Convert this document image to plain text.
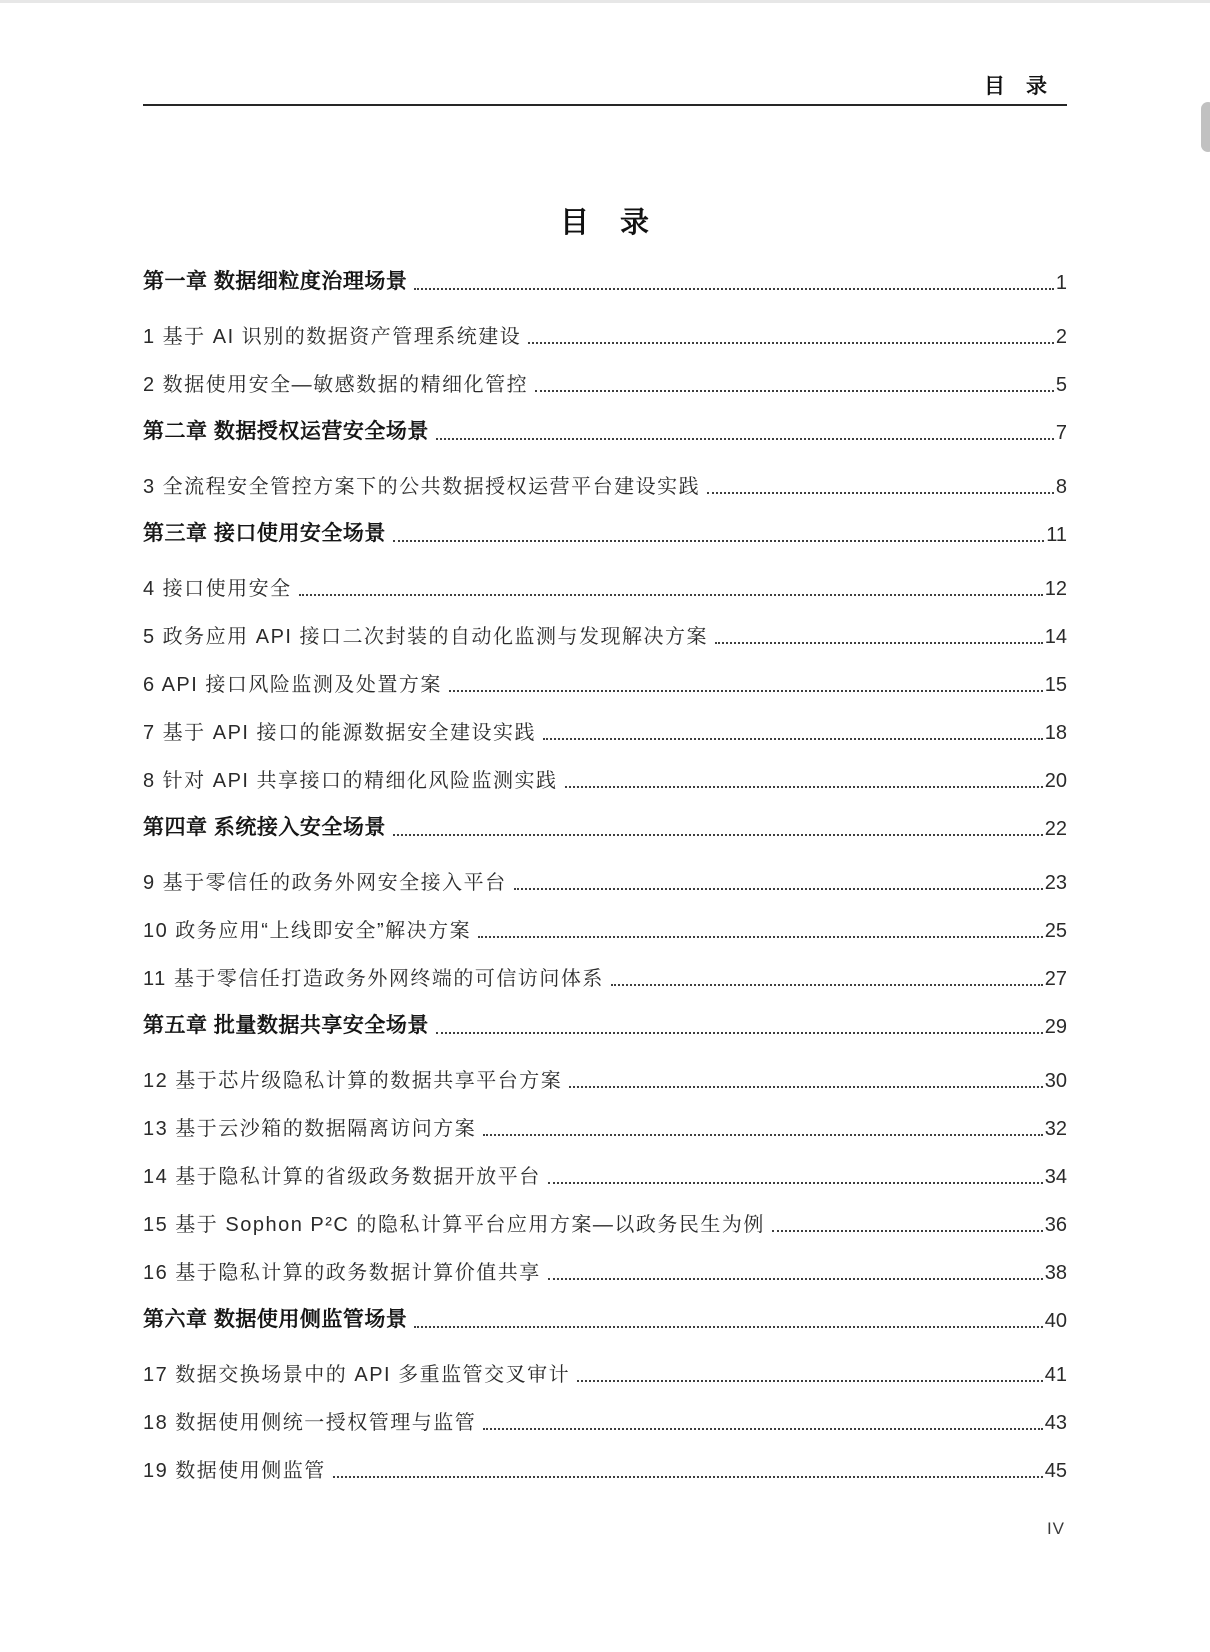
目　录
目　录
第一章 数据细粒度治理场景	1
1 基于 AI 识别的数据资产管理系统建设	2
2 数据使用安全—敏感数据的精细化管控	5
第二章 数据授权运营安全场景	7
3 全流程安全管控方案下的公共数据授权运营平台建设实践	8
第三章 接口使用安全场景	11
4 接口使用安全	12
5 政务应用 API 接口二次封装的自动化监测与发现解决方案	14
6 API 接口风险监测及处置方案	15
7 基于 API 接口的能源数据安全建设实践	18
8 针对 API 共享接口的精细化风险监测实践	20
第四章 系统接入安全场景	22
9 基于零信任的政务外网安全接入平台	23
10 政务应用“上线即安全”解决方案	25
11 基于零信任打造政务外网终端的可信访问体系	27
第五章 批量数据共享安全场景	29
12 基于芯片级隐私计算的数据共享平台方案	30
13 基于云沙箱的数据隔离访问方案	32
14 基于隐私计算的省级政务数据开放平台	34
15 基于 Sophon P²C 的隐私计算平台应用方案—以政务民生为例	36
16 基于隐私计算的政务数据计算价值共享	38
第六章 数据使用侧监管场景	40
17 数据交换场景中的 API 多重监管交叉审计	41
18 数据使用侧统一授权管理与监管	43
19 数据使用侧监管	45
IV
